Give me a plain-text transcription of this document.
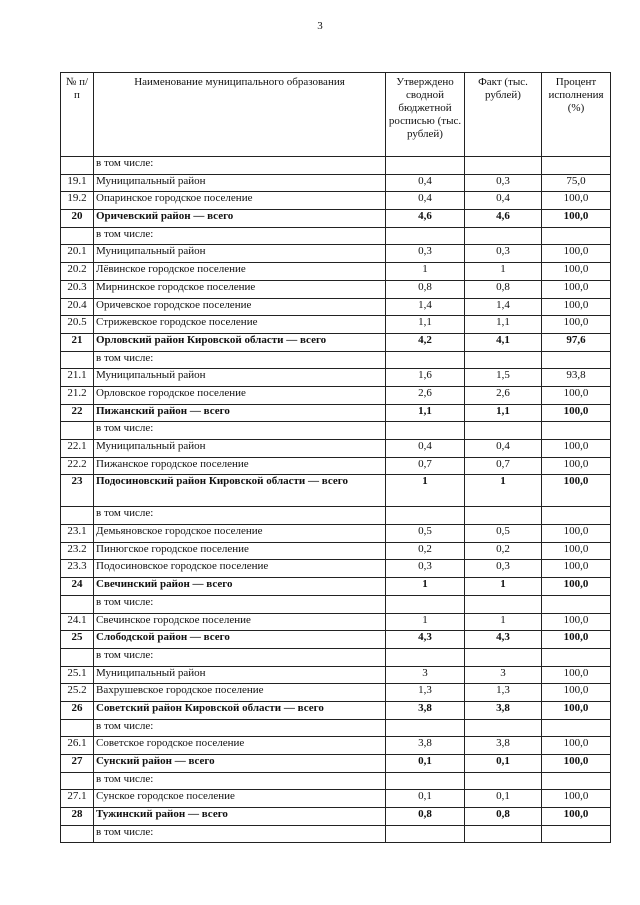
3
№ п/п	Наименование муниципального образования	Утверждено сводной бюджетной росписью (тыс. рублей)	Факт (тыс. рублей)	Процент исполнения (%)
	в том числе:			
19.1	Муниципальный район	0,4	0,3	75,0
19.2	Опаринское городское поселение	0,4	0,4	100,0
20	Оричевский район — всего	4,6	4,6	100,0
	в том числе:			
20.1	Муниципальный район	0,3	0,3	100,0
20.2	Лёвинское городское поселение	1	1	100,0
20.3	Мирнинское городское поселение	0,8	0,8	100,0
20.4	Оричевское городское поселение	1,4	1,4	100,0
20.5	Стрижевское городское поселение	1,1	1,1	100,0
21	Орловский район Кировской области — всего	4,2	4,1	97,6
	в том числе:			
21.1	Муниципальный район	1,6	1,5	93,8
21.2	Орловское городское поселение	2,6	2,6	100,0
22	Пижанский район — всего	1,1	1,1	100,0
	в том числе:			
22.1	Муниципальный район	0,4	0,4	100,0
22.2	Пижанское городское поселение	0,7	0,7	100,0
23	Подосиновский район Кировской области — всего	1	1	100,0
	в том числе:			
23.1	Демьяновское городское поселение	0,5	0,5	100,0
23.2	Пинюгское городское поселение	0,2	0,2	100,0
23.3	Подосиновское городское поселение	0,3	0,3	100,0
24	Свечинский район — всего	1	1	100,0
	в том числе:			
24.1	Свечинское городское поселение	1	1	100,0
25	Слободской район — всего	4,3	4,3	100,0
	в том числе:			
25.1	Муниципальный район	3	3	100,0
25.2	Вахрушевское городское поселение	1,3	1,3	100,0
26	Советский район Кировской области — всего	3,8	3,8	100,0
	в том числе:			
26.1	Советское городское поселение	3,8	3,8	100,0
27	Сунский район — всего	0,1	0,1	100,0
	в том числе:			
27.1	Сунское городское поселение	0,1	0,1	100,0
28	Тужинский район — всего	0,8	0,8	100,0
	в том числе:			
